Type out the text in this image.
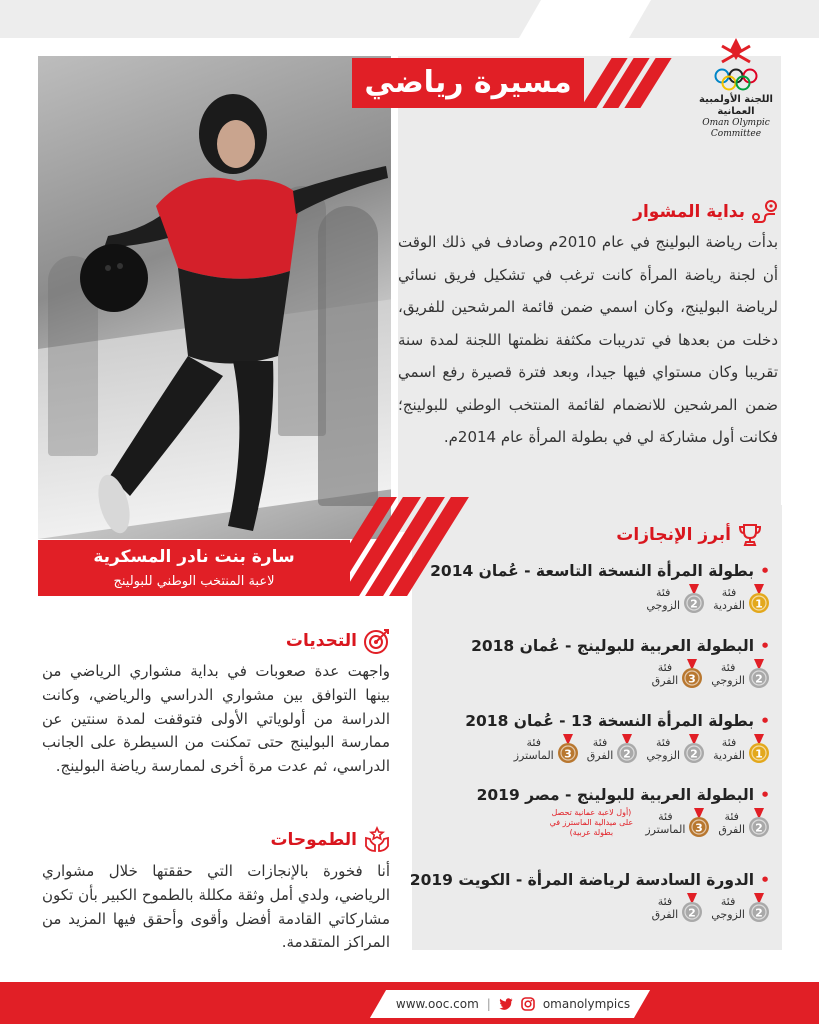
مسيرة رياضي	اللجنة الأولمبية العمانية
Oman Olympic Committee
بداية المشوار
بدأت رياضة البولينج في عام 2010م وصادف في ذلك الوقت أن لجنة رياضة المرأة كانت ترغب في تشكيل فريق نسائي لرياضة البولينج، وكان اسمي ضمن قائمة المرشحين للفريق، دخلت من بعدها في تدريبات مكثفة نظمتها اللجنة لمدة سنة تقريبا وكان مستواي فيها جيدا، وبعد فترة قصيرة رفع اسمي ضمن المرشحين للانضمام لقائمة المنتخب الوطني للبولينج؛ فكانت أول مشاركة لي في بطولة المرأة عام 2014م.
سارة بنت نادر المسكرية
لاعبة المنتخب الوطني للبولينج
أبرز الإنجازات
•بطولة المرأة النسخة التاسعة - عُمان 2014
1
فئة
الفردية
2
فئة
الزوجي
•البطولة العربية للبولينج - عُمان 2018
2
فئة
الزوجي
3
فئة
الفرق
•بطولة المرأة النسخة 13 - عُمان 2018
1
فئة
الفردية
2
فئة
الزوجي
2
فئة
الفرق
3
فئة
الماسترز
•البطولة العربية للبولينج - مصر 2019
2
فئة
الفرق
3
فئة
الماسترز
(أول لاعبة عمانية تحصل على ميدالية الماسترز في بطولة عربية)
•الدورة السادسة لرياضة المرأة - الكويت 2019
2
فئة
الزوجي
2
فئة
الفرق
التحديات
واجهت عدة صعوبات في بداية مشواري الرياضي من بينها التوافق بين مشواري الدراسي والرياضي، وكانت الدراسة من أولوياتي الأولى فتوقفت لمدة سنتين عن ممارسة البولينج حتى تمكنت من السيطرة على الجانب الدراسي، ثم عدت مرة أخرى لممارسة رياضة البولينج.
الطموحات
أنا فخورة بالإنجازات التي حققتها خلال مشواري الرياضي، ولدي أمل وثقة مكللة بالطموح الكبير بأن تكون مشاركاتي القادمة أفضل وأقوى وأحقق فيها المزيد من المراكز المتقدمة.
www.ooc.com |	omanolympics
